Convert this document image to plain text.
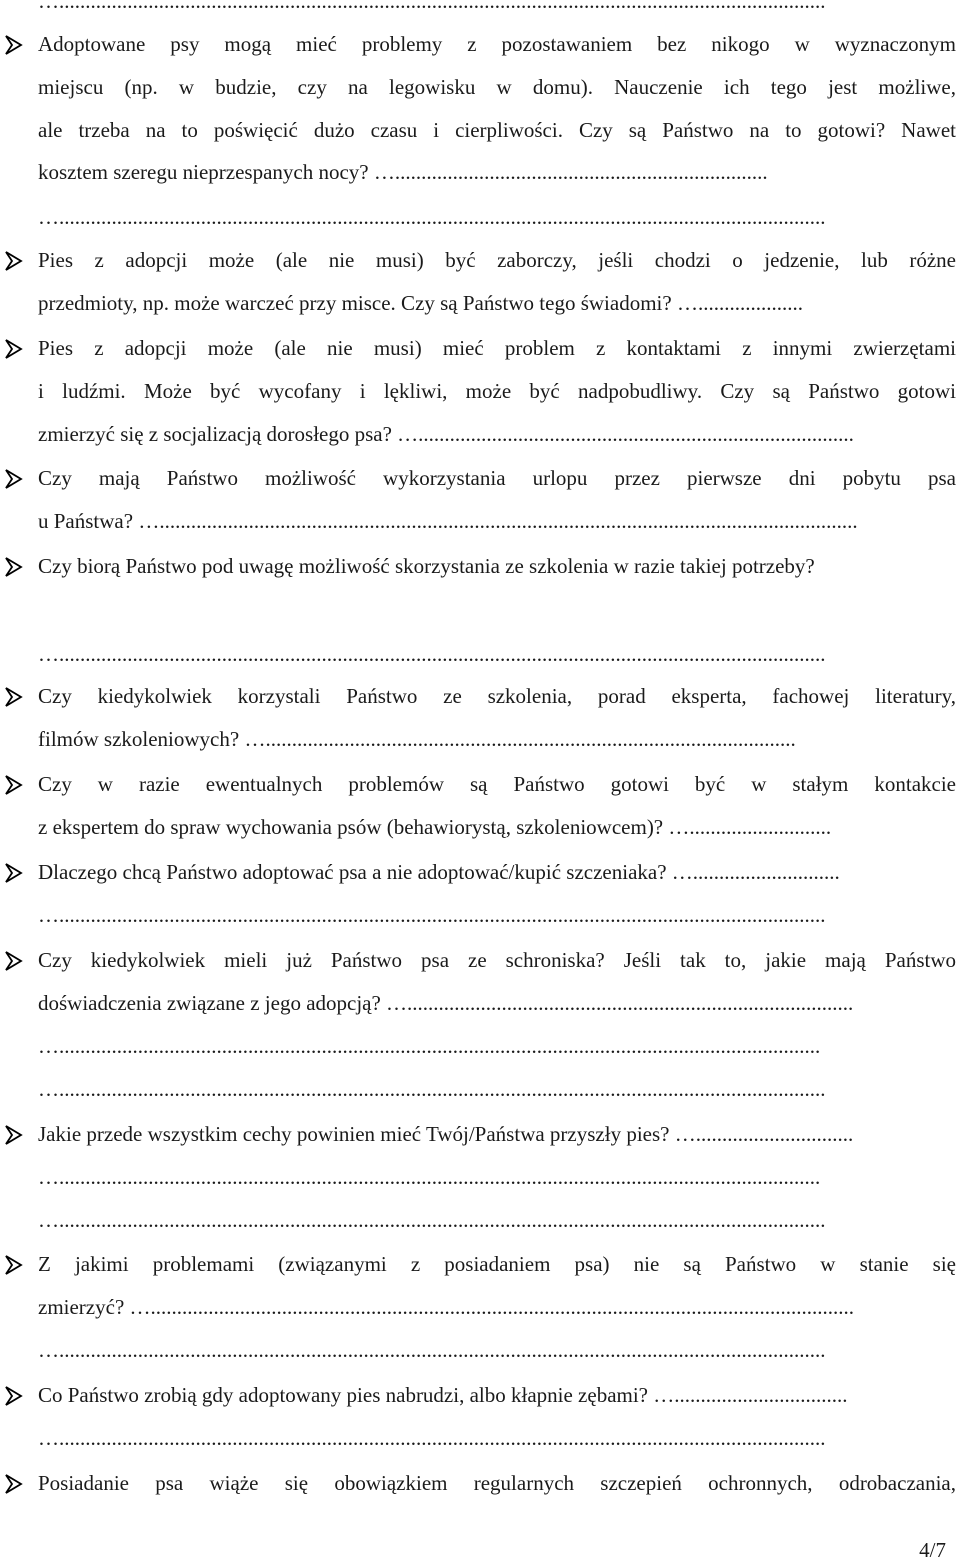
…..................................................................................................................................................
Adoptowane psy mogą mieć problemy z pozostawaniem bez nikogo w wyznaczonym
miejscu (np. w budzie, czy na legowisku w domu). Nauczenie ich tego jest możliwe,
ale trzeba na to poświęcić dużo czasu i cierpliwości. Czy są Państwo na to gotowi? Nawet
kosztem szeregu nieprzespanych nocy? ….......................................................................
…..................................................................................................................................................
Pies z adopcji może (ale nie musi) być zaborczy, jeśli chodzi o jedzenie, lub różne
przedmioty, np. może warczeć przy misce. Czy są Państwo tego świadomi? …....................
Pies z adopcji może (ale nie musi) mieć problem z kontaktami z innymi zwierzętami
i ludźmi. Może być wycofany i lękliwi, może być nadpobudliwy. Czy są Państwo gotowi
zmierzyć się z socjalizacją dorosłego psa? …...................................................................................
Czy mają Państwo możliwość wykorzystania urlopu przez pierwsze dni pobytu psa
u Państwa? ….....................................................................................................................................
Czy biorą Państwo pod uwagę możliwość skorzystania ze szkolenia w razie takiej potrzeby?
…..................................................................................................................................................
Czy kiedykolwiek korzystali Państwo ze szkolenia, porad eksperta, fachowej literatury,
filmów szkoleniowych? ….....................................................................................................
Czy w razie ewentualnych problemów są Państwo gotowi być w stałym kontakcie
z ekspertem do spraw wychowania psów (behawiorystą, szkoleniowcem)? …...........................
Dlaczego chcą Państwo adoptować psa a nie adoptować/kupić szczeniaka? …............................
…..................................................................................................................................................
Czy kiedykolwiek mieli już Państwo psa ze schroniska? Jeśli tak to, jakie mają Państwo
doświadczenia związane z jego adopcją? ….....................................................................................
….................................................................................................................................................
…..................................................................................................................................................
Jakie przede wszystkim cechy powinien mieć Twój/Państwa przyszły pies? …..............................
….................................................................................................................................................
…..................................................................................................................................................
Z jakimi problemami (związanymi z posiadaniem psa) nie są Państwo w stanie się
zmierzyć? …......................................................................................................................................
…..................................................................................................................................................
Co Państwo zrobią gdy adoptowany pies nabrudzi, albo kłapnie zębami? ….................................
…..................................................................................................................................................
Posiadanie psa wiąże się obowiązkiem regularnych szczepień ochronnych, odrobaczania,
4/7
